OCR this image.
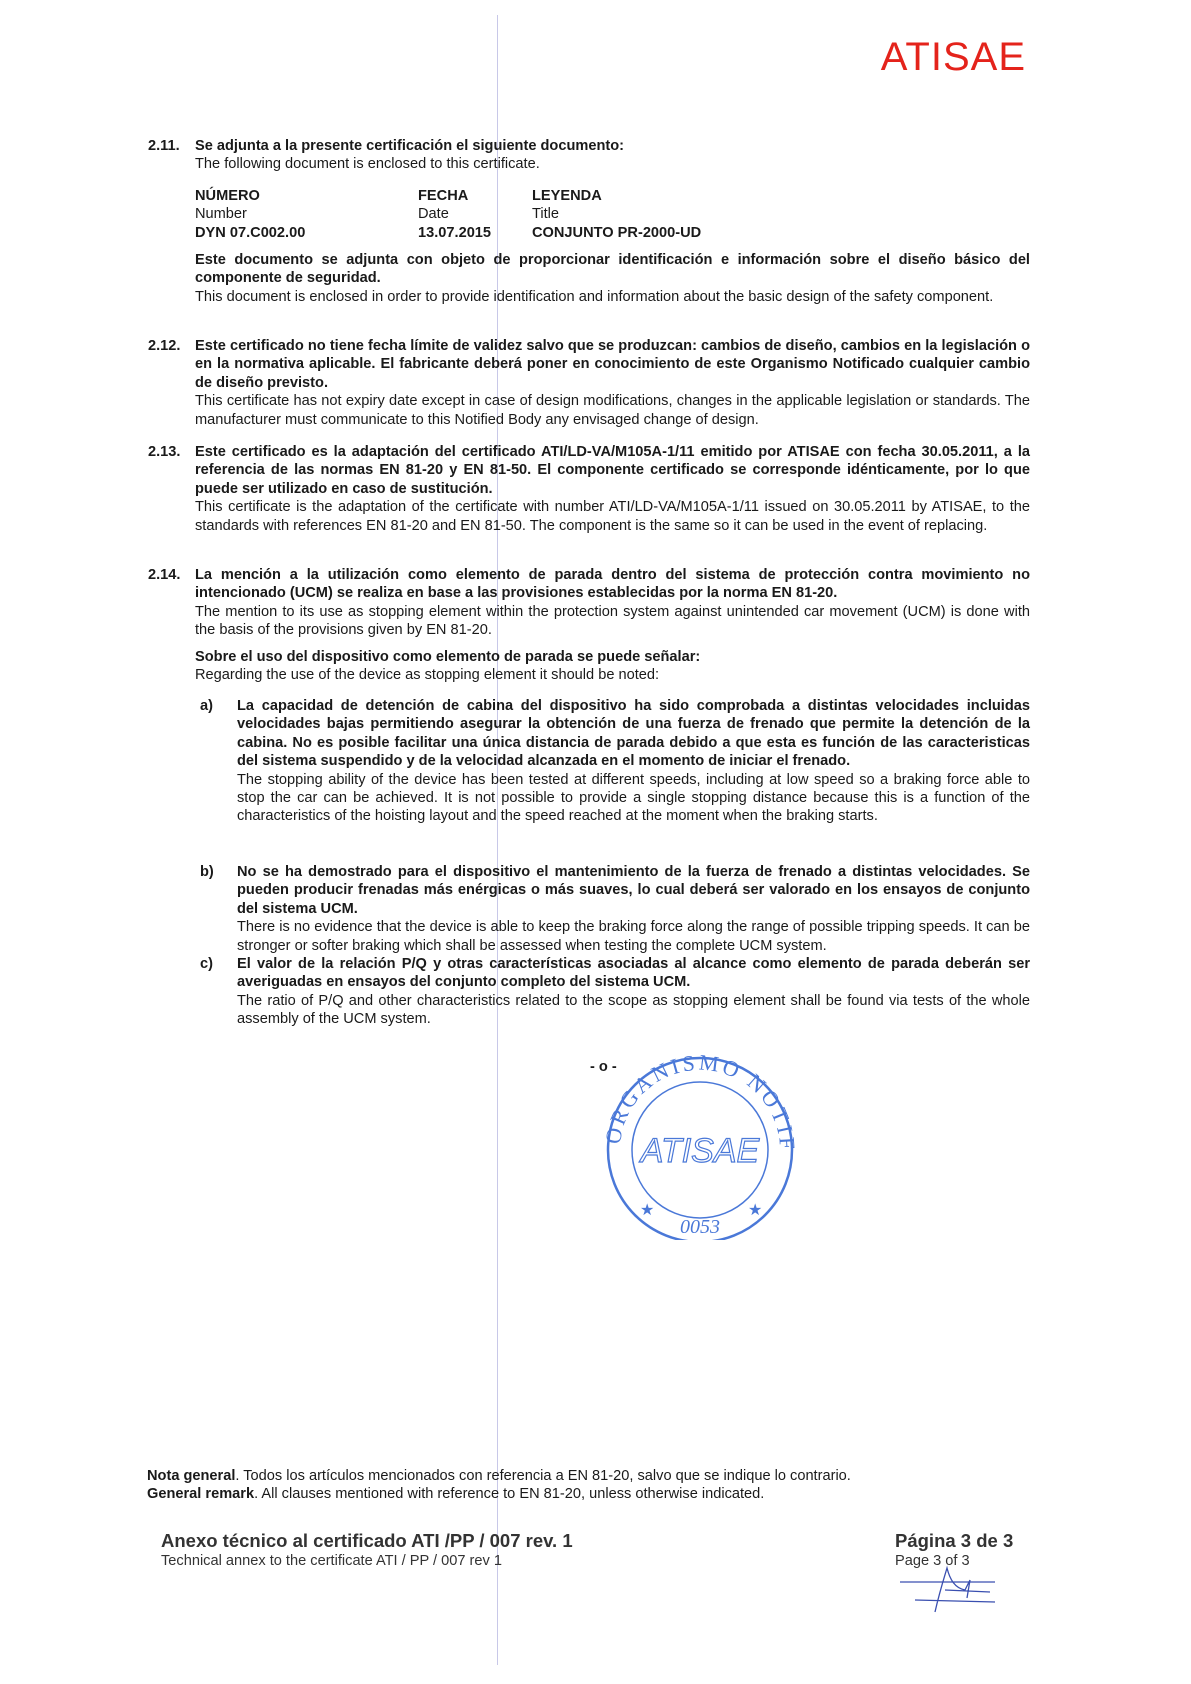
ATISAE
2.11. Se adjunta a la presente certificación el siguiente documento:

The following document is enclosed to this certificate.

NÚMERO
Number
DYN 07.C002.00
FECHA
Date
13.07.2015
LEYENDA
Title
CONJUNTO PR-2000-UD

Este documento se adjunta con objeto de proporcionar identificación e información sobre el diseño básico del componente de seguridad.

This document is enclosed in order to provide identification and information about the basic design of the safety component.

2.12. Este certificado no tiene fecha límite de validez salvo que se produzcan: cambios de diseño, cambios en la legislación o en la normativa aplicable. El fabricante deberá poner en conocimiento de este Organismo Notificado cualquier cambio de diseño previsto.

This certificate has not expiry date except in case of design modifications, changes in the applicable legislation or standards. The manufacturer must communicate to this Notified Body any envisaged change of design.

2.13. Este certificado es la adaptación del certificado ATI/LD-VA/M105A-1/11 emitido por ATISAE con fecha 30.05.2011, a la referencia de las normas EN 81-20 y EN 81-50. El componente certificado se corresponde idénticamente, por lo que puede ser utilizado en caso de sustitución.

This certificate is the adaptation of the certificate with number ATI/LD-VA/M105A-1/11 issued on 30.05.2011 by ATISAE, to the standards with references EN 81-20 and EN 81-50. The component is the same so it can be used in the event of replacing.

2.14. La mención a la utilización como elemento de parada dentro del sistema de protección contra movimiento no intencionado (UCM) se realiza en base a las provisiones establecidas por la norma EN 81-20.

The mention to its use as stopping element within the protection system against unintended car movement (UCM) is done with the basis of the provisions given by EN 81-20.

Sobre el uso del dispositivo como elemento de parada se puede señalar:

Regarding the use of the device as stopping element it should be noted:

a) La capacidad de detención de cabina del dispositivo ha sido comprobada a distintas velocidades incluidas velocidades bajas permitiendo asegurar la obtención de una fuerza de frenado que permite la detención de la cabina. No es posible facilitar una única distancia de parada debido a que esta es función de las caracteristicas del sistema suspendido y de la velocidad alcanzada en el momento de iniciar el frenado.

The stopping ability of the device has been tested at different speeds, including at low speed so a braking force able to stop the car can be achieved. It is not possible to provide a single stopping distance because this is a function of the characteristics of the hoisting layout and the speed reached at the moment when the braking starts.

b) No se ha demostrado para el dispositivo el mantenimiento de la fuerza de frenado a distintas velocidades. Se pueden producir frenadas más enérgicas o más suaves, lo cual deberá ser valorado en los ensayos de conjunto del sistema UCM.

There is no evidence that the device is able to keep the braking force along the range of possible tripping speeds. It can be stronger or softer braking which shall be assessed when testing the complete UCM system.

c) El valor de la relación P/Q y otras características asociadas al alcance como elemento de parada deberán ser averiguadas en ensayos del conjunto completo del sistema UCM.

The ratio of P/Q and other characteristics related to the scope as stopping element shall be found via tests of the whole assembly of the UCM system.

- o -
ORGANISMO NOTIF
ATISAE
0053
★	★
Nota general. Todos los artículos mencionados con referencia a EN 81-20, salvo que se indique lo contrario.
General remark. All clauses mentioned with reference to EN 81-20, unless otherwise indicated.
Anexo técnico al certificado ATI /PP / 007 rev. 1
Technical annex to the certificate ATI / PP / 007 rev 1
Página 3 de 3
Page 3 of 3
